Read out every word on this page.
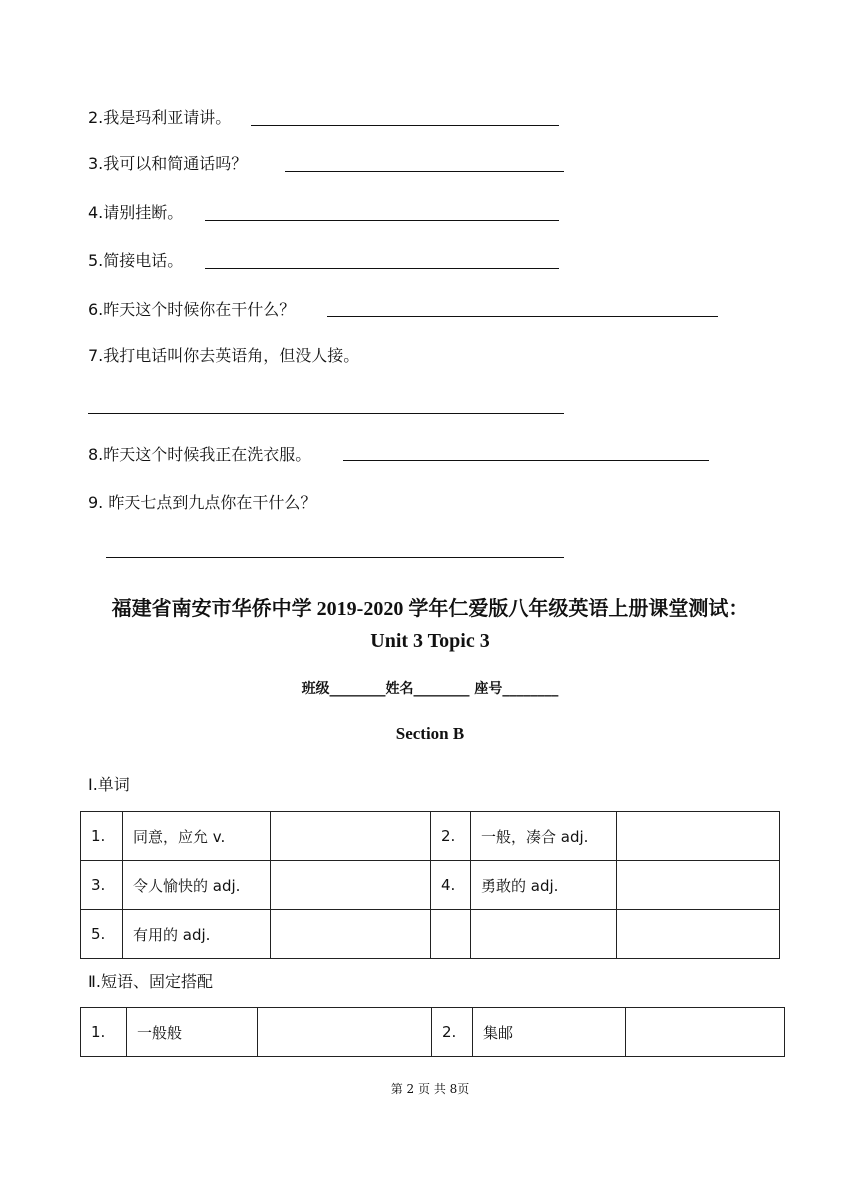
2.我是玛利亚请讲。
3.我可以和简通话吗？
4.请别挂断。
5.简接电话。
6.昨天这个时候你在干什么？
7.我打电话叫你去英语角，但没人接。
8.昨天这个时候我正在洗衣服。
9. 昨天七点到九点你在干什么？
福建省南安市华侨中学 2019-2020 学年仁爱版八年级英语上册课堂测试：
Unit 3 Topic 3
班级________姓名________ 座号________
Section B
Ⅰ.单词
1.	同意，应允 v.		2.	一般，凑合 adj.	
3.	令人愉快的 adj.		4.	勇敢的 adj.	
5.	有用的 adj.				
Ⅱ.短语、固定搭配
1.	一般般		2.	集邮	
第 2 页 共 8页
